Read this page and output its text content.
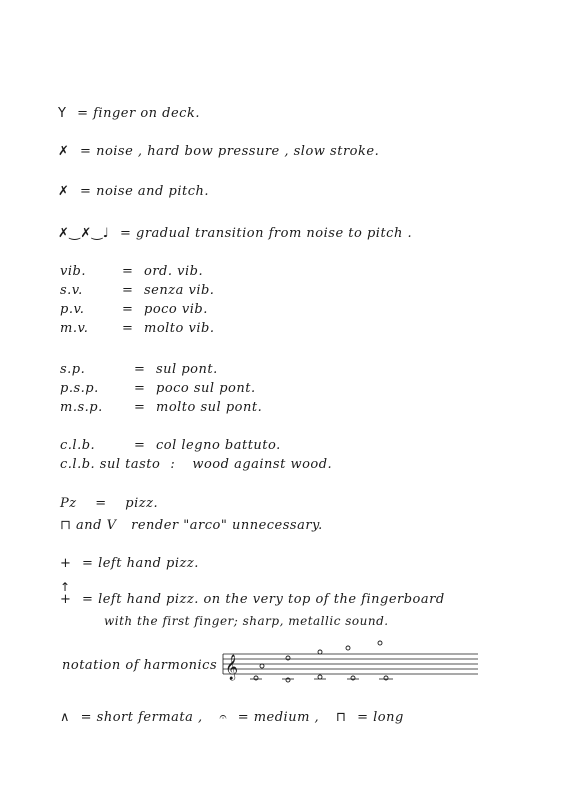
Y = finger on deck.
✗ = noise , hard bow pressure , slow stroke.
✗ = noise and pitch.
✗‿✗‿♩ = gradual transition from noise to pitch .
vib.	= ord. vib.
s.v.	= senza vib.
p.v.	= poco vib.
m.v.	= molto vib.
s.p.	= sul pont.
p.s.p.	= poco sul pont.
m.s.p. = molto sul pont.
c.l.b.	= col legno battuto.
c.l.b. sul tasto : wood against wood.
Pz = pizz.
⊓ and V render "arco" unnecessary.
+ = left hand pizz.
↑
+ = left hand pizz. on the very top of the fingerboard
with the first finger; sharp, metallic sound.
notation of harmonics 𝄞
∧ = short fermata , 𝄐 = medium , ⊓ = long
